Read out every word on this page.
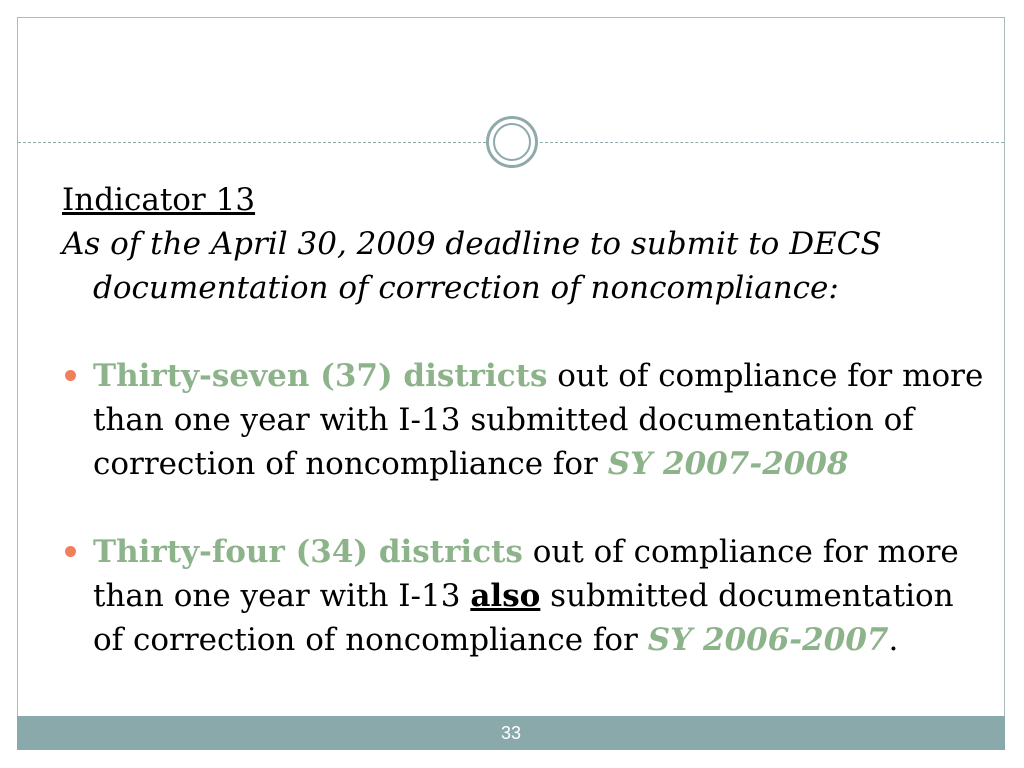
Indicator 13

As of the April 30, 2009 deadline to submit to DECS documentation of correction of noncompliance:

Thirty-seven (37) districts out of compliance for more than one year with I-13 submitted documentation of correction of noncompliance for SY 2007-2008

Thirty-four (34) districts out of compliance for more than one year with I-13 also submitted documentation of correction of noncompliance for SY 2006-2007.

33
